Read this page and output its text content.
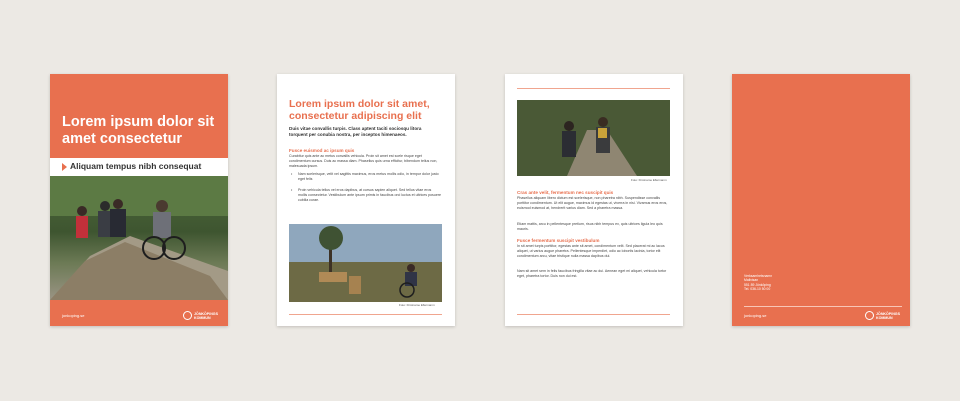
Lorem ipsum dolor sit amet consectetur
Aliquam tempus nibh consequat
jonkoping.se	JÖNKÖPINGS
KOMMUN
Lorem ipsum dolor sit amet, consectetur adipiscing elit
Duis vitae convallis turpis. Class aptent taciti sociosqu litora torquent per conubia nostra, per inceptos himenaeos.
Fusce euismod ac ipsum quis
Curabitur quis ante ac metus convallis vehicula. Proin sit amet est scele risque eget condimentum cursus. Duis ac massa diam. Phasellus quis urna efficitur, bibendum tellus non, malesuada ipsum.
• Nam scelerisque, velit vel sagittis maximus, eros metus mollis odio, in tempor dolor justo eget felis
• Proin vehicula tellus vel eros dapibus, at cursus sapien aliquet. Sed tellus vitae eros mollis consectetur. Vestibulum ante ipsum primis in faucibus orci luctus et ultrices posuere cubilia curae.
Foto: Firstname Efternamn
Foto: Firstname Efternamn
Cras ante velit, fermentum nec suscipit quis
Phasellus aliquam libero dictum est scelerisque, non pharetra nibh. Suspendisse convallis porttitor condimentum. Ut elit augue, maximus id egestas ut, viverra in nisi. Vivamus eros eros, euismod euismod at, hendrerit varius diam. Sed a pharetra massa.
Etiam mattis, arcu in pellentesque pretium, risus nibh tempus ex, quis ultrices ligula leo quis mauris.
Fusce fermentum suscipit vestibulum
In sit amet turpis porttitor, egestas ante sit amet, condimentum velit. Sed placerat mi ac lacus aliquet, ut varius augue pharetra. Pellentesque imperdiet, odio ac lobortis lacinia, tortor elit condimentum arcu, vitae tristique nulla massa dapibus dui.
Nam sit amet sem in felis faucibus fringilla vitae ac dui. Aenean eget mi aliquet, vehicula tortor eget, pharetra tortor. Duis non dui est.	Verksamhetsnamn
Mallvisan
551 89 Jönköping
Tel. 036-10 50 00
jonkoping.se	JÖNKÖPINGS
KOMMUN
